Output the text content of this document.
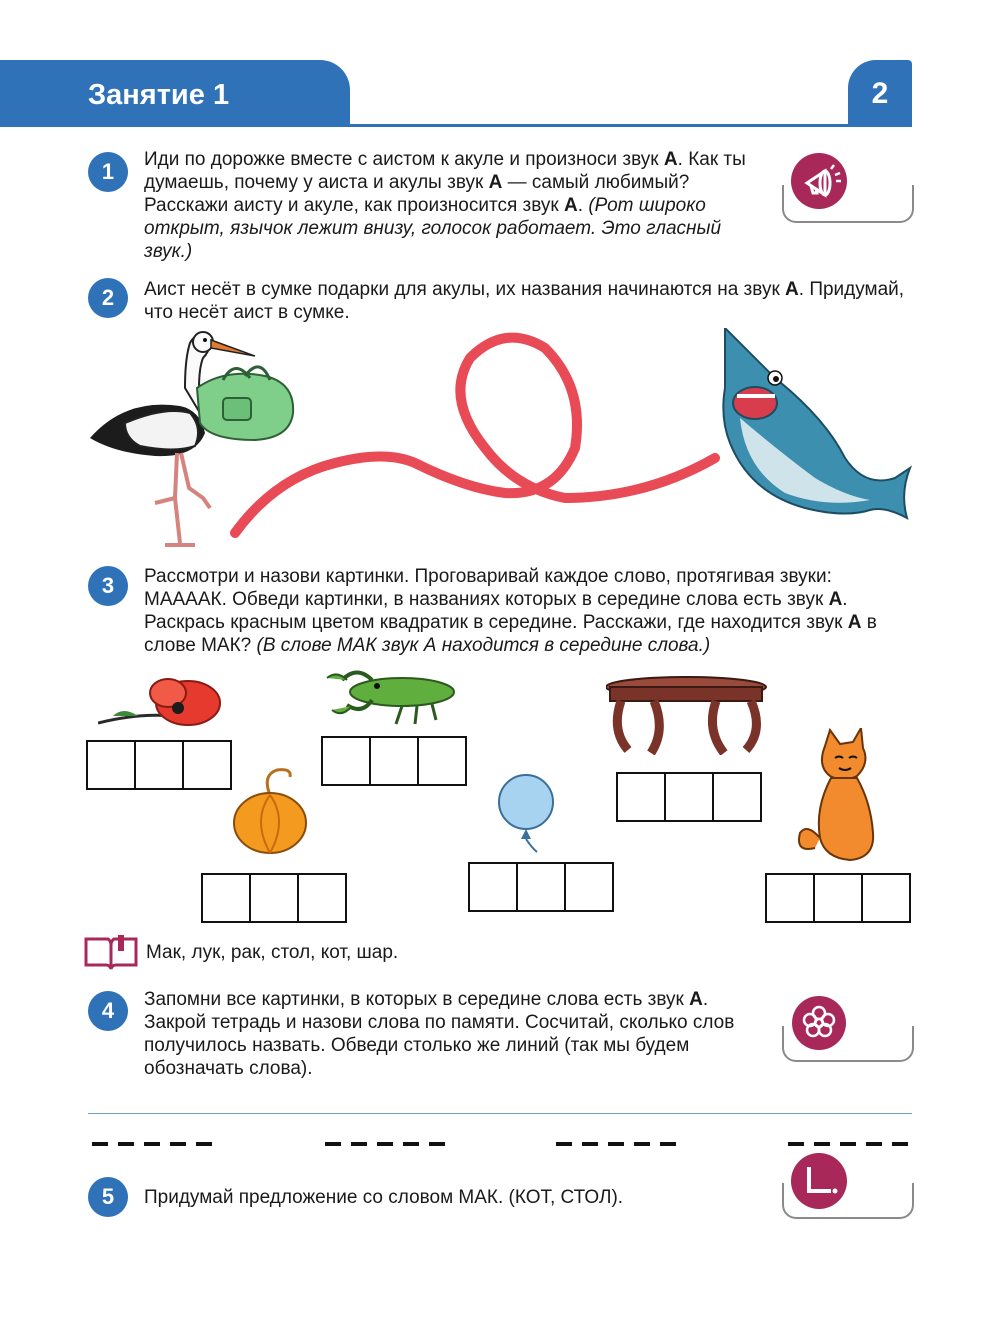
Занятие 1	2
1	Иди по дорожке вместе с аистом к акуле и произноси звук А. Как ты думаешь, почему у аиста и акулы звук А — самый любимый? Расскажи аисту и акуле, как произносится звук А. (Рот широко открыт, язычок лежит внизу, голосок работает. Это гласный звук.)
2	Аист несёт в сумке подарки для акулы, их названия начинаются на звук А. Придумай, что несёт аист в сумке.
3	Рассмотри и назови картинки. Проговаривай каждое слово, протягивая звуки: МАААAК. Обведи картинки, в названиях которых в середине слова есть звук А. Раскрась красным цветом квадратик в середине. Расскажи, где находится звук А в слове МАК? (В слове МАК звук А находится в середине слова.)
Мак, лук, рак, стол, кот, шар.
4	Запомни все картинки, в которых в середине слова есть звук А. Закрой тетрадь и назови слова по памяти. Сосчитай, сколько слов получилось назвать. Обведи столько же линий (так мы будем обозначать слова).
5	Придумай предложение со словом МАК. (КОТ, СТОЛ).
